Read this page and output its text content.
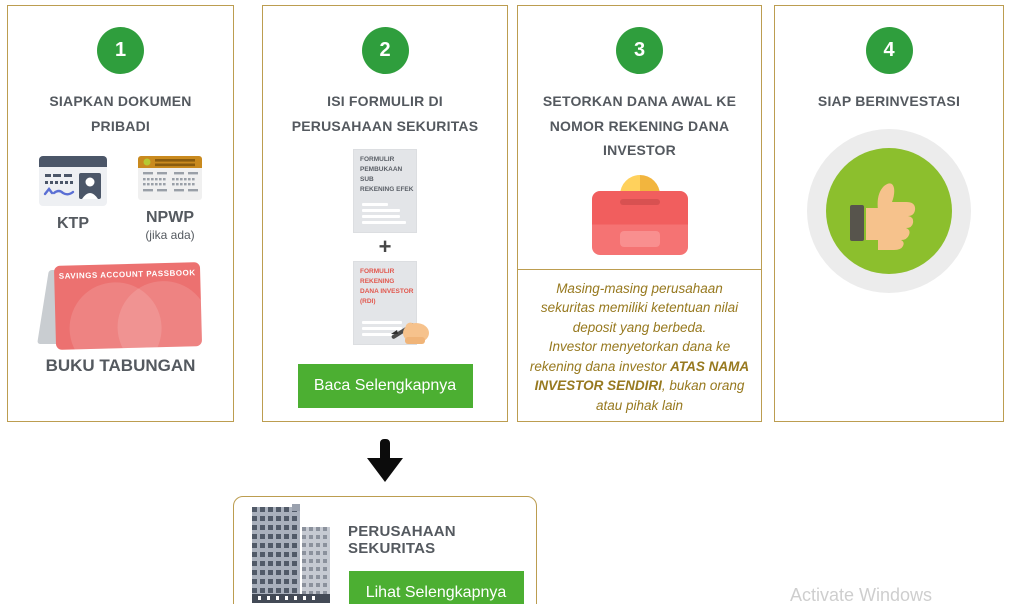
1
SIAPKAN DOKUMEN PRIBADI
KTP	NPWP
(jika ada)
SAVINGS ACCOUNT PASSBOOK
BUKU TABUNGAN
2
ISI FORMULIR DI PERUSAHAAN SEKURITAS
FORMULIR
PEMBUKAAN
SUB
REKENING EFEK
+
FORMULIR
REKENING
DANA INVESTOR
(RDI)
Baca Selengkapnya
3
SETORKAN DANA AWAL KE NOMOR REKENING DANA INVESTOR
Masing-masing perusahaan sekuritas memiliki ketentuan nilai deposit yang berbeda.
Investor menyetorkan dana ke rekening dana investor ATAS NAMA INVESTOR SENDIRI, bukan orang atau pihak lain
4
SIAP BERINVESTASI
PERUSAHAAN SEKURITAS
Lihat Selengkapnya	Activate Windows
